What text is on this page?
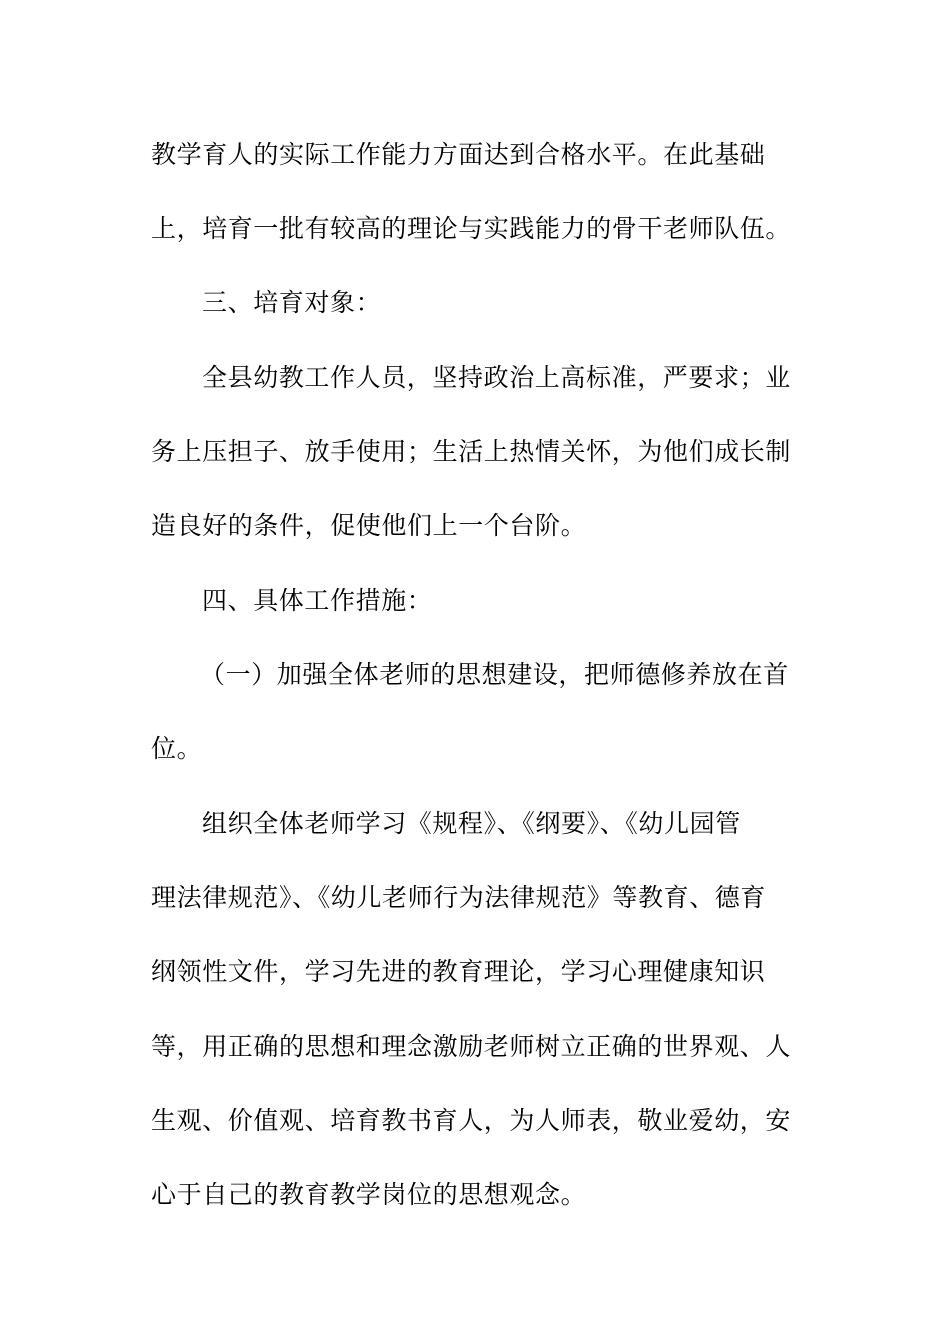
教学育人的实际工作能力方面达到合格水平。在此基础
上，培育一批有较高的理论与实践能力的骨干老师队伍。
三、培育对象：
全县幼教工作人员，坚持政治上高标准，严要求；业
务上压担子、放手使用；生活上热情关怀，为他们成长制
造良好的条件，促使他们上一个台阶。
四、具体工作措施：
（一）加强全体老师的思想建设，把师德修养放在首
位。
组织全体老师学习《规程》、《纲要》、《幼儿园管
理法律规范》、《幼儿老师行为法律规范》等教育、德育
纲领性文件，学习先进的教育理论，学习心理健康知识
等，用正确的思想和理念激励老师树立正确的世界观、人
生观、价值观、培育教书育人，为人师表，敬业爱幼，安
心于自己的教育教学岗位的思想观念。
